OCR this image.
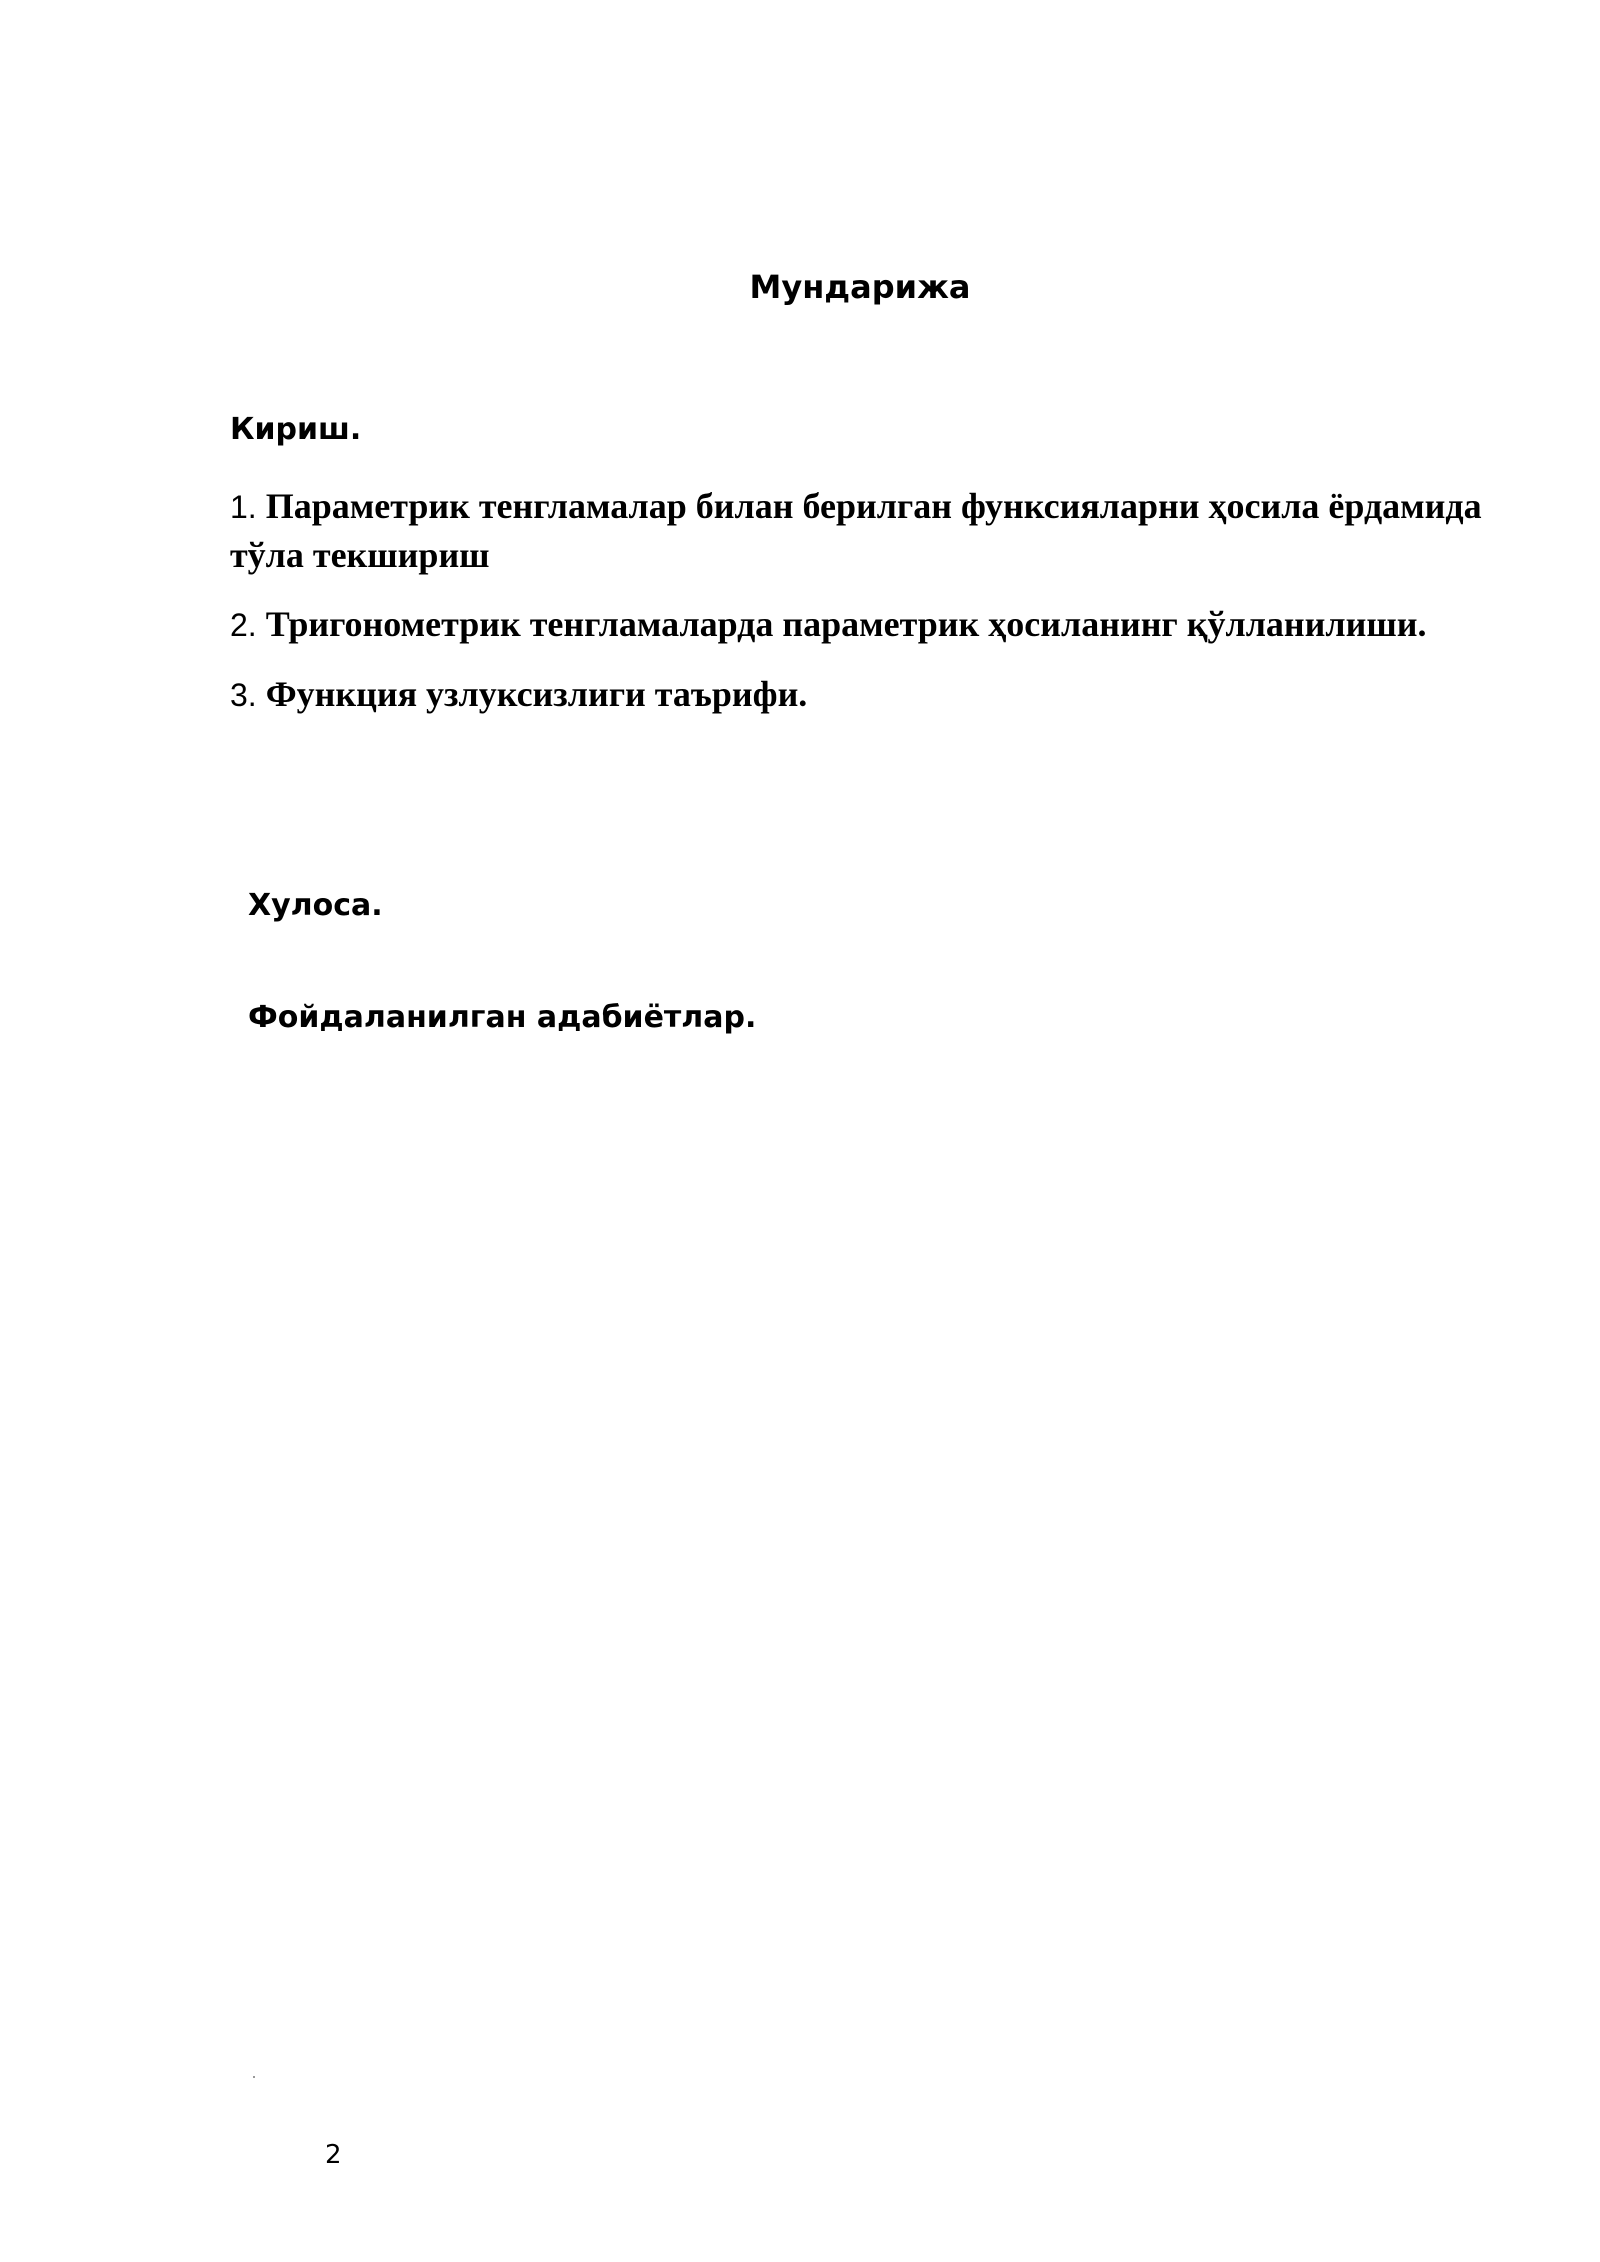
Мундарижа
Кириш.
1. Параметрик тенгламалар билан берилган функсияларни ҳосила ёрдамида тўла текшириш
2. Тригонометрик тенгламаларда параметрик ҳосиланинг қўлланилиши.
3. Функция узлуксизлиги таърифи.
Хулоса.
Фойдаланилган адабиётлар.
2
